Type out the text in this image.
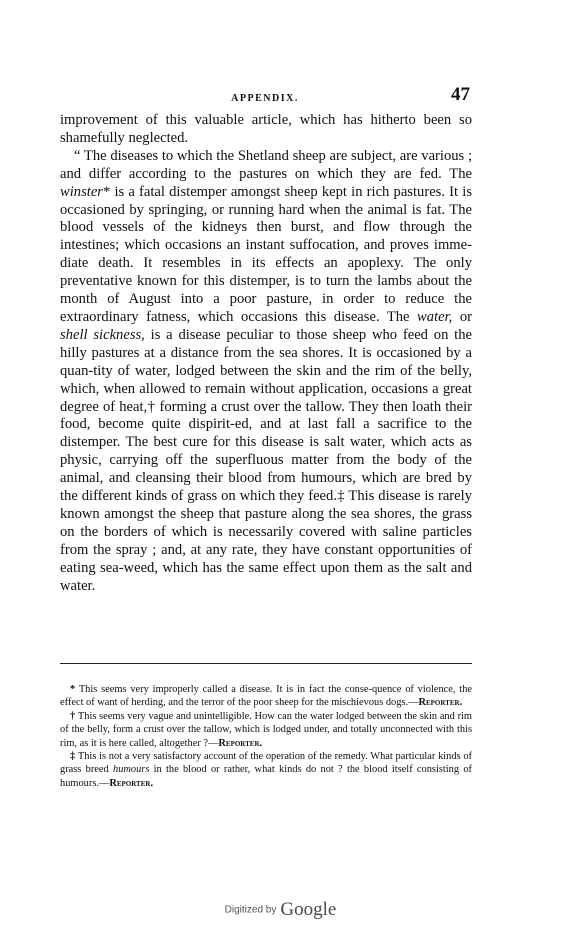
APPENDIX.	47

improvement of this valuable article, which has hitherto been so shamefully neglected.

“ The diseases to which the Shetland sheep are subject, are various ; and differ according to the pastures on which they are fed. The winster* is a fatal distemper amongst sheep kept in rich pastures. It is occasioned by springing, or running hard when the animal is fat. The blood vessels of the kidneys then burst, and flow through the intestines; which occasions an instant suffocation, and proves imme-diate death. It resembles in its effects an apoplexy. The only preventative known for this distemper, is to turn the lambs about the month of August into a poor pasture, in order to reduce the extraordinary fatness, which occasions this disease. The water, or shell sickness, is a disease peculiar to those sheep who feed on the hilly pastures at a distance from the sea shores. It is occasioned by a quan-tity of water, lodged between the skin and the rim of the belly, which, when allowed to remain without application, occasions a great degree of heat,† forming a crust over the tallow. They then loath their food, become quite dispirit-ed, and at last fall a sacrifice to the distemper. The best cure for this disease is salt water, which acts as physic, carrying off the superfluous matter from the body of the animal, and cleansing their blood from humours, which are bred by the different kinds of grass on which they feed.‡ This disease is rarely known amongst the sheep that pasture along the sea shores, the grass on the borders of which is necessarily covered with saline particles from the spray ; and, at any rate, they have constant opportunities of eating sea-weed, which has the same effect upon them as the salt and water.

* This seems very improperly called a disease. It is in fact the conse-quence of violence, the effect of want of herding, and the terror of the poor sheep for the mischievous dogs.—Reporter.

† This seems very vague and unintelligible. How can the water lodged between the skin and rim of the belly, form a crust over the tallow, which is lodged under, and totally unconnected with this rim, as it is here called, altogether ?—Reporter.

‡ This is not a very satisfactory account of the operation of the remedy. What particular kinds of grass breed humours in the blood or rather, what kinds do not ? the blood itself consisting of humours.—Reporter.

Digitized by Google
